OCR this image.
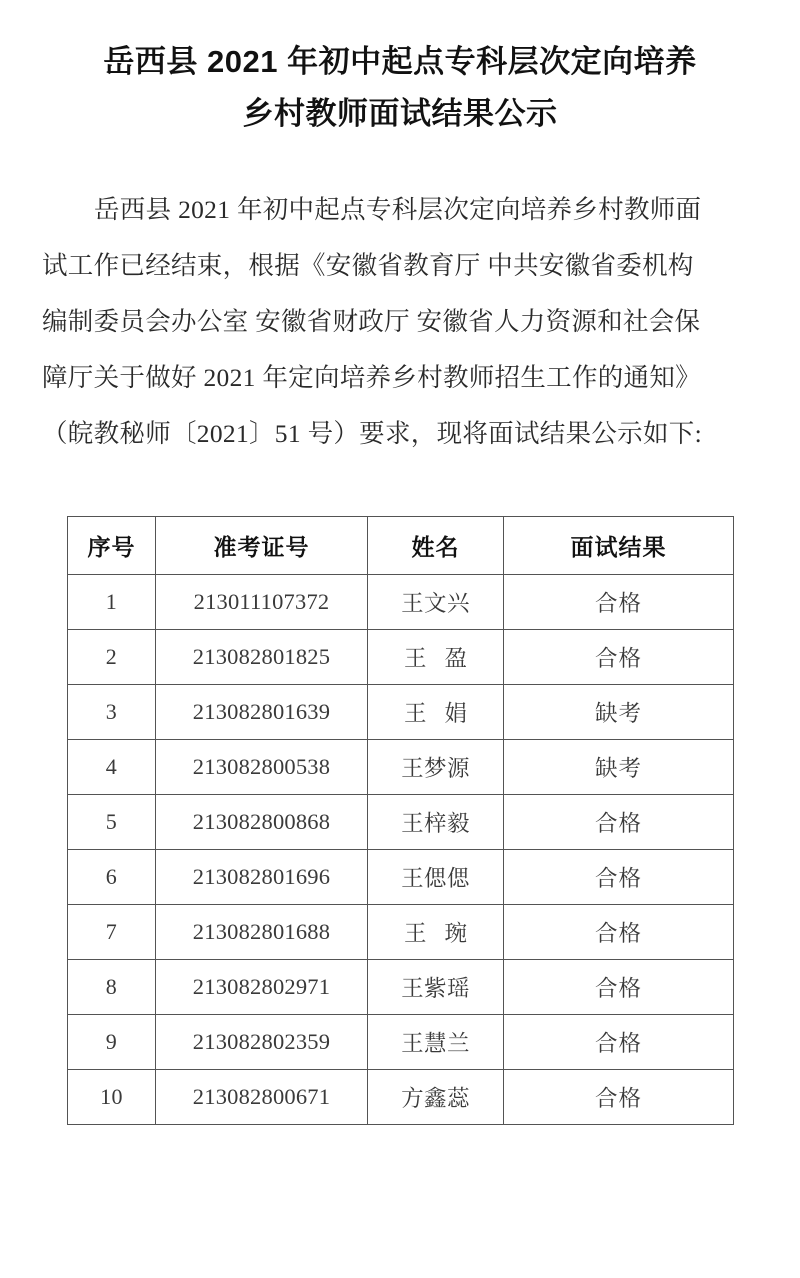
岳西县 2021 年初中起点专科层次定向培养
乡村教师面试结果公示

岳西县 2021 年初中起点专科层次定向培养乡村教师面
试工作已经结束，根据《安徽省教育厅 中共安徽省委机构
编制委员会办公室 安徽省财政厅 安徽省人力资源和社会保
障厅关于做好 2021 年定向培养乡村教师招生工作的通知》
（皖教秘师〔2021〕51 号）要求，现将面试结果公示如下:

序号	准考证号	姓名	面试结果
1	213011107372	王文兴	合格
2	213082801825	王盈	合格
3	213082801639	王娟	缺考
4	213082800538	王梦源	缺考
5	213082800868	王梓毅	合格
6	213082801696	王偲偲	合格
7	213082801688	王琬	合格
8	213082802971	王紫瑶	合格
9	213082802359	王慧兰	合格
10	213082800671	方鑫蕊	合格
